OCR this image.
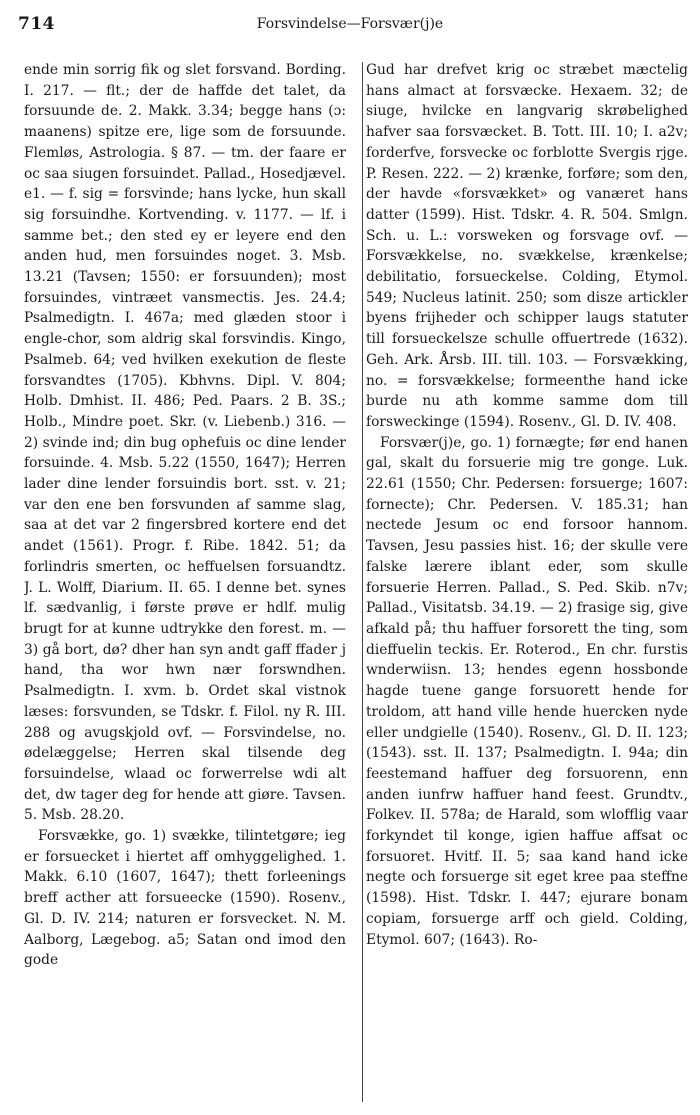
714	Forsvindelse—Forsvær(j)e

ende min sorrig fik og slet forsvand. Bording. I. 217. — flt.; der de haffde det talet, da forsuunde de. 2. Makk. 3.34; begge hans (ɔ: maanens) spitze ere, lige som de forsuunde. Flemløs, Astrologia. § 87. — tm. der faare er oc saa siugen forsuindet. Pallad., Hosedjævel. e1. — f. sig = forsvinde; hans lycke, hun skall sig forsuindhe. Kortvending. v. 1177. — lf. i samme bet.; den sted ey er leyere end den anden hud, men forsuindes noget. 3. Msb. 13.21 (Tavsen; 1550: er forsuunden); most forsuindes, vintræet vansmectis. Jes. 24.4; Psalmedigtn. I. 467a; med glæden stoor i engle-chor, som aldrig skal forsvindis. Kingo, Psalmeb. 64; ved hvilken exekution de fleste forsvandtes (1705). Kbhvns. Dipl. V. 804; Holb. Dmhist. II. 486; Ped. Paars. 2 B. 3S.; Holb., Mindre poet. Skr. (v. Liebenb.) 316. — 2) svinde ind; din bug ophefuis oc dine lender forsuinde. 4. Msb. 5.22 (1550, 1647); Herren lader dine lender forsuindis bort. sst. v. 21; var den ene ben forsvunden af samme slag, saa at det var 2 fingersbred kortere end det andet (1561). Progr. f. Ribe. 1842. 51; da forlindris smerten, oc heffuelsen forsuandtz. J. L. Wolff, Diarium. II. 65. I denne bet. synes lf. sædvanlig, i første prøve er hdlf. mulig brugt for at kunne udtrykke den forest. m. — 3) gå bort, dø? dher han syn andt gaff ffader j hand, tha wor hwn nær forswndhen. Psalmedigtn. I. xvm. b. Ordet skal vistnok læses: forsvunden, se Tdskr. f. Filol. ny R. III. 288 og avugskjold ovf. — Forsvindelse, no. ødelæggelse; Herren skal tilsende deg forsuindelse, wlaad oc forwerrelse wdi alt det, dw tager deg for hende att giøre. Tavsen. 5. Msb. 28.20.

Forsvække, go. 1) svække, tilintetgøre; ieg er forsuecket i hiertet aff omhyggelighed. 1. Makk. 6.10 (1607, 1647); thett forleenings breff acther att forsueecke (1590). Rosenv., Gl. D. IV. 214; naturen er forsvecket. N. M. Aalborg, Lægebog. a5; Satan ond imod den gode

Gud har drefvet krig oc stræbet mæctelig hans almact at forsvæcke. Hexaem. 32; de siuge, hvilcke en langvarig skrøbelighed hafver saa forsvæcket. B. Tott. III. 10; I. a2v; forderfve, forsvecke oc forblotte Svergis rjge. P. Resen. 222. — 2) krænke, forføre; som den, der havde «forsvækket» og vanæret hans datter (1599). Hist. Tdskr. 4. R. 504. Smlgn. Sch. u. L.: vorsweken og forsvage ovf. — Forsvækkelse, no. svækkelse, krænkelse; debilitatio, forsueckelse. Colding, Etymol. 549; Nucleus latinit. 250; som disze artickler byens frijheder och schipper laugs statuter till forsueckelsze schulle offuertrede (1632). Geh. Ark. Årsb. III. till. 103. — Forsvækking, no. = forsvækkelse; formeenthe hand icke burde nu ath komme samme dom till forsweckinge (1594). Rosenv., Gl. D. IV. 408.

Forsvær(j)e, go. 1) fornægte; før end hanen gal, skalt du forsuerie mig tre gonge. Luk. 22.61 (1550; Chr. Pedersen: forsuerge; 1607: fornecte); Chr. Pedersen. V. 185.31; han nectede Jesum oc end forsoor hannom. Tavsen, Jesu passies hist. 16; der skulle vere falske lærere iblant eder, som skulle forsuerie Herren. Pallad., S. Ped. Skib. n7v; Pallad., Visitatsb. 34.19. — 2) frasige sig, give afkald på; thu haffuer forsorett the ting, som dieffuelin teckis. Er. Roterod., En chr. furstis wnderwiisn. 13; hendes egenn hossbonde hagde tuene gange forsuorett hende for troldom, att hand ville hende huercken nyde eller undgielle (1540). Rosenv., Gl. D. II. 123; (1543). sst. II. 137; Psalmedigtn. I. 94a; din feestemand haffuer deg forsuorenn, enn anden iunfrw haffuer hand feest. Grundtv., Folkev. II. 578a; de Harald, som wlofflig vaar forkyndet til konge, igien haffue affsat oc forsuoret. Hvitf. II. 5; saa kand hand icke negte och forsuerge sit eget kree paa steffne (1598). Hist. Tdskr. I. 447; ejurare bonam copiam, forsuerge arff och gield. Colding, Etymol. 607; (1643). Ro-
